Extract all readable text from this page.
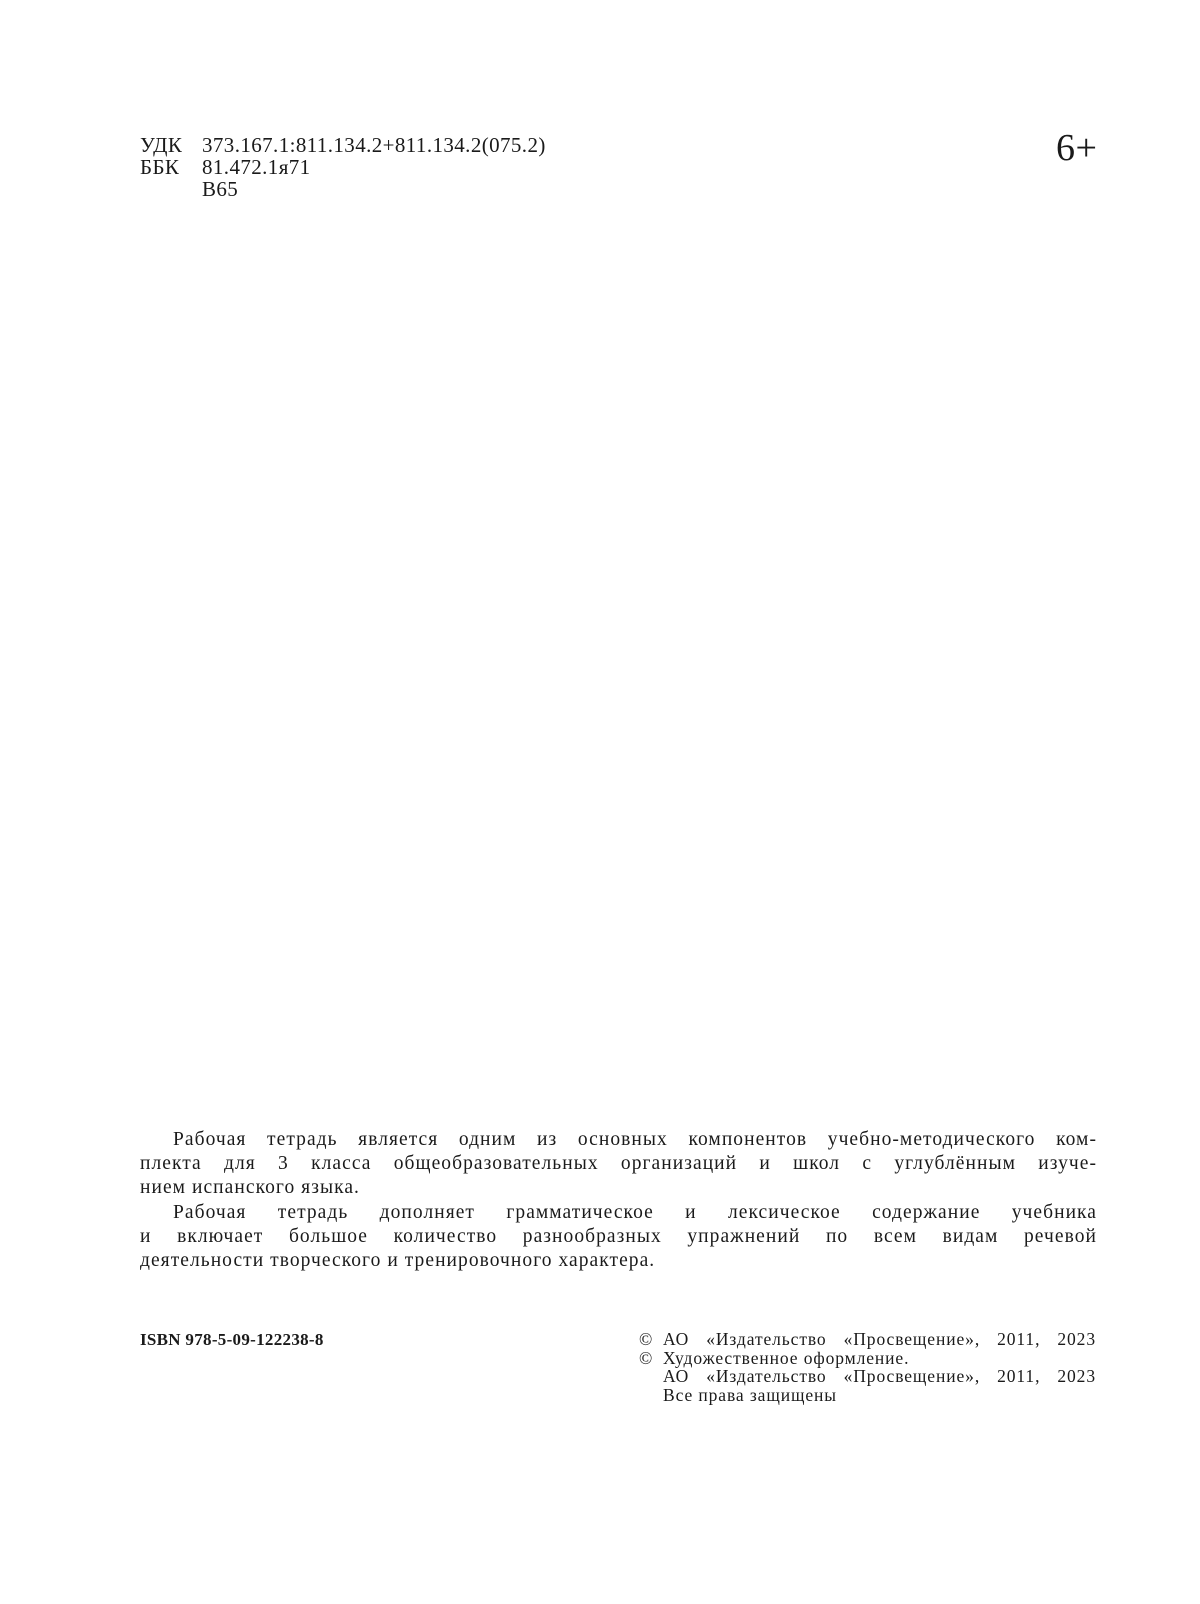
УДК 373.167.1:811.134.2+811.134.2(075.2)
ББК	81.472.1я71
В65
6+

Рабочая тетрадь является одним из основных компонентов учебно-методического ком-
плекта для 3 класса общеобразовательных организаций и школ с углублённым изуче-
нием испанского языка.

Рабочая тетрадь дополняет грамматическое и лексическое содержание учебника
и включает большое количество разнообразных упражнений по всем видам речевой
деятельности творческого и тренировочного характера.

ISBN 978-5-09-122238-8	© АО «Издательство «Просвещение», 2011, 2023
© Художественное оформление.
АО «Издательство «Просвещение», 2011, 2023
Все права защищены
